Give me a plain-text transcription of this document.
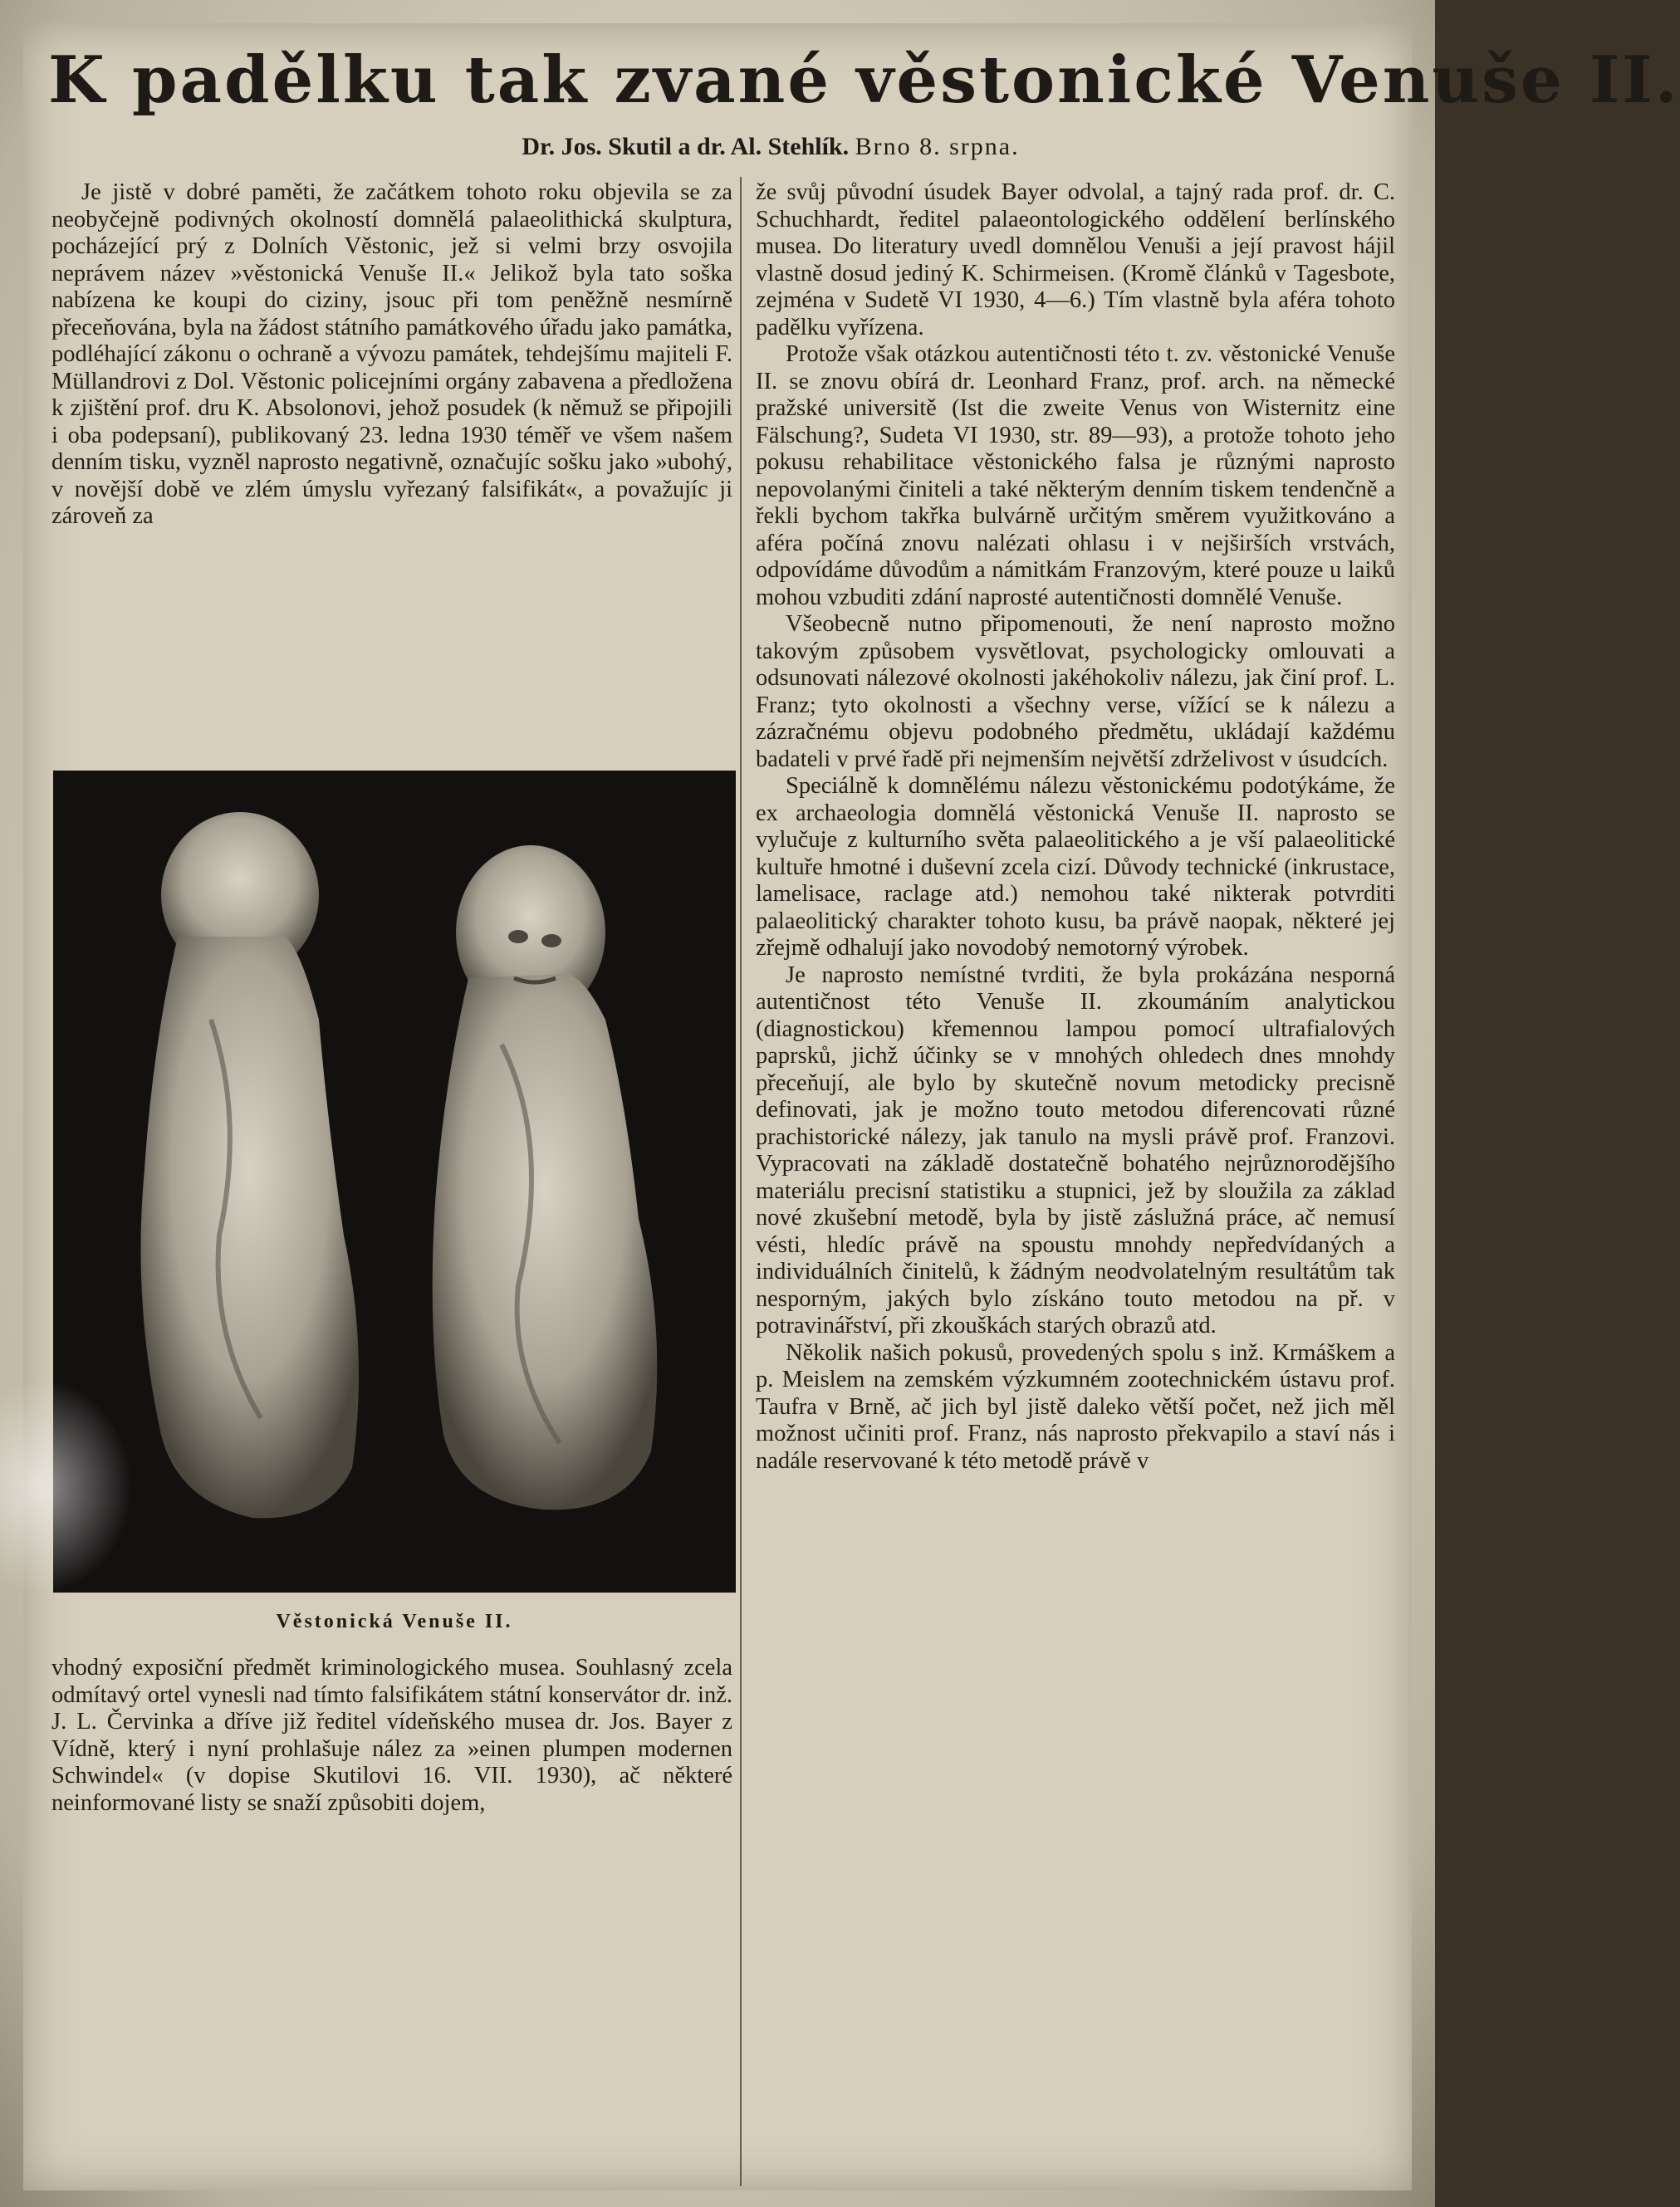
K padělku tak zvané věstonické Venuše II.
Dr. Jos. Skutil a dr. Al. Stehlík. Brno 8. srpna.

Je jistě v dobré paměti, že začátkem tohoto roku objevila se za neobyčejně podivných okolností domnělá palaeolithická skulptura, pocházející prý z Dolních Věstonic, jež si velmi brzy osvojila neprávem název »věstonická Venuše II.« Jelikož byla tato soška nabízena ke koupi do ciziny, jsouc při tom peněžně nesmírně přeceňována, byla na žádost státního památkového úřadu jako památka, podléhající zákonu o ochraně a vývozu památek, tehdejšímu majiteli F. Müllandrovi z Dol. Věstonic policejními orgány zabavena a předložena k zjištění prof. dru K. Absolonovi, jehož posudek (k němuž se připojili i oba podepsaní), publikovaný 23. ledna 1930 téměř ve všem našem denním tisku, vyzněl naprosto negativně, označujíc sošku jako »ubohý, v novější době ve zlém úmyslu vyřezaný falsifikát«, a považujíc ji zároveň za

Věstonická Venuše II.

vhodný exposiční předmět kriminologického musea. Souhlasný zcela odmítavý ortel vynesli nad tímto falsifikátem státní konservátor dr. inž. J. L. Červinka a dříve již ředitel vídeňského musea dr. Jos. Bayer z Vídně, který i nyní prohlašuje nález za »einen plumpen modernen Schwindel« (v dopise Skutilovi 16. VII. 1930), ač některé neinformované listy se snaží způsobiti dojem,

že svůj původní úsudek Bayer odvolal, a tajný rada prof. dr. C. Schuchhardt, ředitel palaeontologického oddělení berlínského musea. Do literatury uvedl domnělou Venuši a její pravost hájil vlastně dosud jediný K. Schirmeisen. (Kromě článků v Tagesbote, zejména v Sudetě VI 1930, 4—6.) Tím vlastně byla aféra tohoto padělku vyřízena.

Protože však otázkou autentičnosti této t. zv. věstonické Venuše II. se znovu obírá dr. Leonhard Franz, prof. arch. na německé pražské universitě (Ist die zweite Venus von Wisternitz eine Fälschung?, Sudeta VI 1930, str. 89—93), a protože tohoto jeho pokusu rehabilitace věstonického falsa je různými naprosto nepovolanými činiteli a také některým denním tiskem tendenčně a řekli bychom takřka bulvárně určitým směrem využitkováno a aféra počíná znovu nalézati ohlasu i v nejširších vrstvách, odpovídáme důvodům a námitkám Franzovým, které pouze u laiků mohou vzbuditi zdání naprosté autentičnosti domnělé Venuše.

Všeobecně nutno připomenouti, že není naprosto možno takovým způsobem vysvětlovat, psychologicky omlouvati a odsunovati nálezové okolnosti jakéhokoliv nálezu, jak činí prof. L. Franz; tyto okolnosti a všechny verse, vížící se k nálezu a zázračnému objevu podobného předmětu, ukládají každému badateli v prvé řadě při nejmenším největší zdrželivost v úsudcích.

Speciálně k domnělému nálezu věstonickému podotýkáme, že ex archaeologia domnělá věstonická Venuše II. naprosto se vylučuje z kulturního světa palaeolitického a je vší palaeolitické kultuře hmotné i duševní zcela cizí. Důvody technické (inkrustace, lamelisace, raclage atd.) nemohou také nikterak potvrditi palaeolitický charakter tohoto kusu, ba právě naopak, některé jej zřejmě odhalují jako novodobý nemotorný výrobek.

Je naprosto nemístné tvrditi, že byla prokázána nesporná autentičnost této Venuše II. zkoumáním analytickou (diagnostickou) křemennou lampou pomocí ultrafialových paprsků, jichž účinky se v mnohých ohledech dnes mnohdy přeceňují, ale bylo by skutečně novum metodicky precisně definovati, jak je možno touto metodou diferencovati různé prachistorické nálezy, jak tanulo na mysli právě prof. Franzovi. Vypracovati na základě dostatečně bohatého nejrůznorodějšího materiálu precisní statistiku a stupnici, jež by sloužila za základ nové zkušební metodě, byla by jistě záslužná práce, ač nemusí vésti, hledíc právě na spoustu mnohdy nepředvídaných a individuálních činitelů, k žádným neodvolatelným resultátům tak nesporným, jakých bylo získáno touto metodou na př. v potravinářství, při zkouškách starých obrazů atd.

Několik našich pokusů, provedených spolu s inž. Krmáškem a p. Meislem na zemském výzkumném zootechnickém ústavu prof. Taufra v Brně, ač jich byl jistě daleko větší počet, než jich měl možnost učiniti prof. Franz, nás naprosto překvapilo a staví nás i nadále reservované k této metodě právě v
